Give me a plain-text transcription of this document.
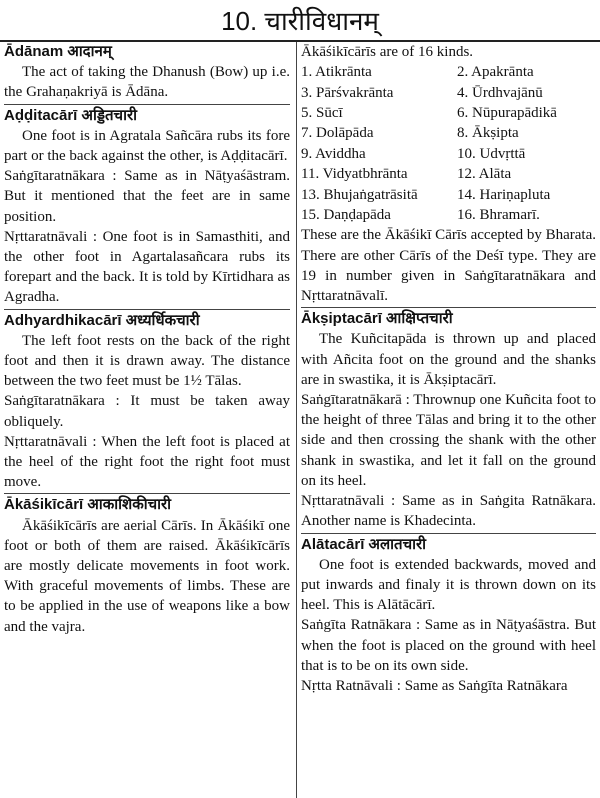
10. चारीविधानम्
Ādānam आदानम्

The act of taking the Dhanush (Bow) up i.e. the Grahaṇakriyā is Ādāna.

Aḍḍitacārī अड्डितचारी

One foot is in Agratala Sañcāra rubs its fore part or the back against the other, is Aḍḍitacārī.

Saṅgītaratnākara : Same as in Nāṭyaśāstram. But it mentioned that the feet are in same position.

Nṛttaratnāvali : One foot is in Samasthiti, and the other foot in Agartalasañcara rubs its forepart and the back. It is told by Kīrtidhara as Agradha.

Adhyardhikacārī अध्यर्धिकचारी

The left foot rests on the back of the right foot and then it is drawn away. The distance between the two feet must be 1½ Tālas.

Saṅgītaratnākara : It must be taken away obliquely.

Nṛttaratnāvali : When the left foot is placed at the heel of the right foot the right foot must move.

Ākāśikīcārī आकाशिकीचारी

Ākāśikīcārīs are aerial Cārīs. In Ākāśikī one foot or both of them are raised. Ākāśikīcārīs are mostly delicate movements in foot work. With graceful movements of limbs. These are to be applied in the use of weapons like a bow and the vajra.

Ākāśikīcārīs are of 16 kinds.

1. Atikrānta	2. Apakrānta
3. Pārśvakrānta	4. Ūrdhvajānū
5. Sūcī	6. Nūpurapādikā
7. Dolāpāda	8. Ākṣipta
9. Aviddha	10. Udvṛttā
11. Vidyatbhrānta	12. Alāta
13. Bhujaṅgatrāsitā	14. Hariṇapluta
15. Daṇḍapāda	16. Bhramarī.

These are the Ākāśikī Cārīs accepted by Bharata. There are other Cārīs of the Deśī type. They are 19 in number given in Saṅgītaratnākara and Nṛttaratnāvalī.

Ākṣiptacārī आक्षिप्तचारी

The Kuñcitapāda is thrown up and placed with Añcita foot on the ground and the shanks are in swastika, it is Ākṣiptacārī.

Saṅgītaratnākarā : Thrownup one Kuñcita foot to the height of three Tālas and bring it to the other side and then crossing the shank with the other shank in swastika, and let it fall on the ground on its heel.

Nṛttaratnāvali : Same as in Saṅgita Ratnākara. Another name is Khadecinta.

Alātacārī अलातचारी

One foot is extended backwards, moved and put inwards and finaly it is thrown down on its heel. This is Alātācārī.

Saṅgīta Ratnākara : Same as in Nāṭyaśāstra. But when the foot is placed on the ground with heel that is to be on its own side.

Nṛtta Ratnāvali : Same as Saṅgīta Ratnākara
